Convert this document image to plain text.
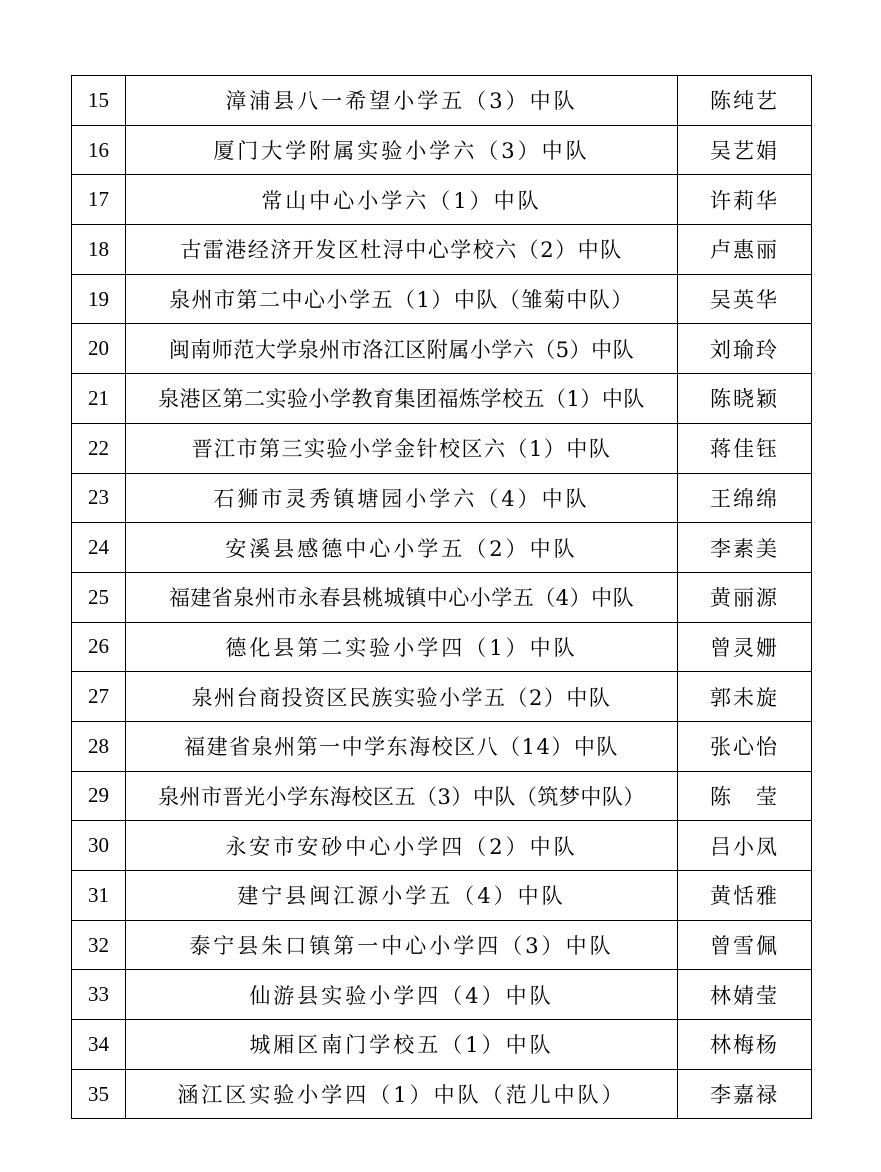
15	漳浦县八一希望小学五（3）中队	陈纯艺
16	厦门大学附属实验小学六（3）中队	吴艺娟
17	常山中心小学六（1）中队	许莉华
18	古雷港经济开发区杜浔中心学校六（2）中队	卢惠丽
19	泉州市第二中心小学五（1）中队（雏菊中队）	吴英华
20	闽南师范大学泉州市洛江区附属小学六（5）中队	刘瑜玲
21	泉港区第二实验小学教育集团福炼学校五（1）中队	陈晓颖
22	晋江市第三实验小学金针校区六（1）中队	蒋佳钰
23	石狮市灵秀镇塘园小学六（4）中队	王绵绵
24	安溪县感德中心小学五（2）中队	李素美
25	福建省泉州市永春县桃城镇中心小学五（4）中队	黄丽源
26	德化县第二实验小学四（1）中队	曾灵姗
27	泉州台商投资区民族实验小学五（2）中队	郭未旋
28	福建省泉州第一中学东海校区八（14）中队	张心怡
29	泉州市晋光小学东海校区五（3）中队（筑梦中队）	陈　莹
30	永安市安砂中心小学四（2）中队	吕小凤
31	建宁县闽江源小学五（4）中队	黄恬雅
32	泰宁县朱口镇第一中心小学四（3）中队	曾雪佩
33	仙游县实验小学四（4）中队	林婧莹
34	城厢区南门学校五（1）中队	林梅杨
35	涵江区实验小学四（1）中队（范儿中队）	李嘉禄
